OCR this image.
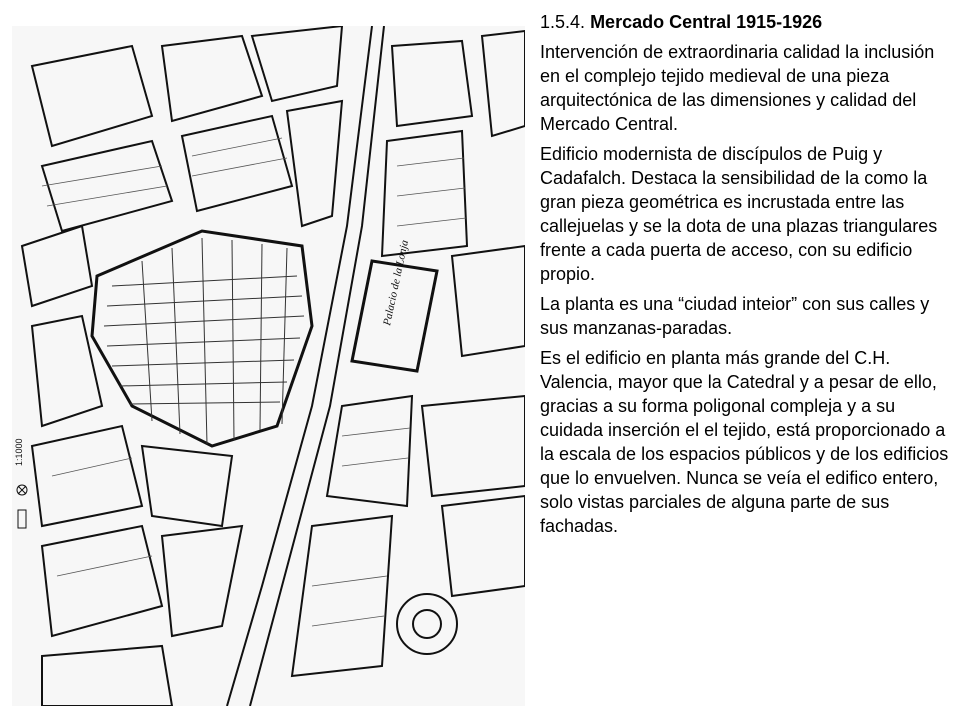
Palacio de la Lonja
1:1000

1.5.4. Mercado Central 1915-1926

Intervención de extraordinaria calidad la inclusión en el complejo tejido medieval de una pieza arquitectónica de las dimensiones y calidad del Mercado Central.

Edificio modernista de discípulos de Puig y Cadafalch. Destaca la sensibilidad de la como la gran pieza geométrica es incrustada entre las callejuelas y se la dota de una plazas triangulares frente a cada puerta de acceso, con su edificio propio.

La planta es una “ciudad inteior” con sus calles y sus manzanas-paradas.

Es el edificio en planta más grande del C.H. Valencia, mayor que la Catedral y a pesar de ello, gracias a su forma poligonal compleja y a su cuidada inserción el el tejido, está proporcionado a la escala de los espacios públicos y de los edificios que lo envuelven. Nunca se veía el edifico entero, solo vistas parciales de alguna parte de sus fachadas.
